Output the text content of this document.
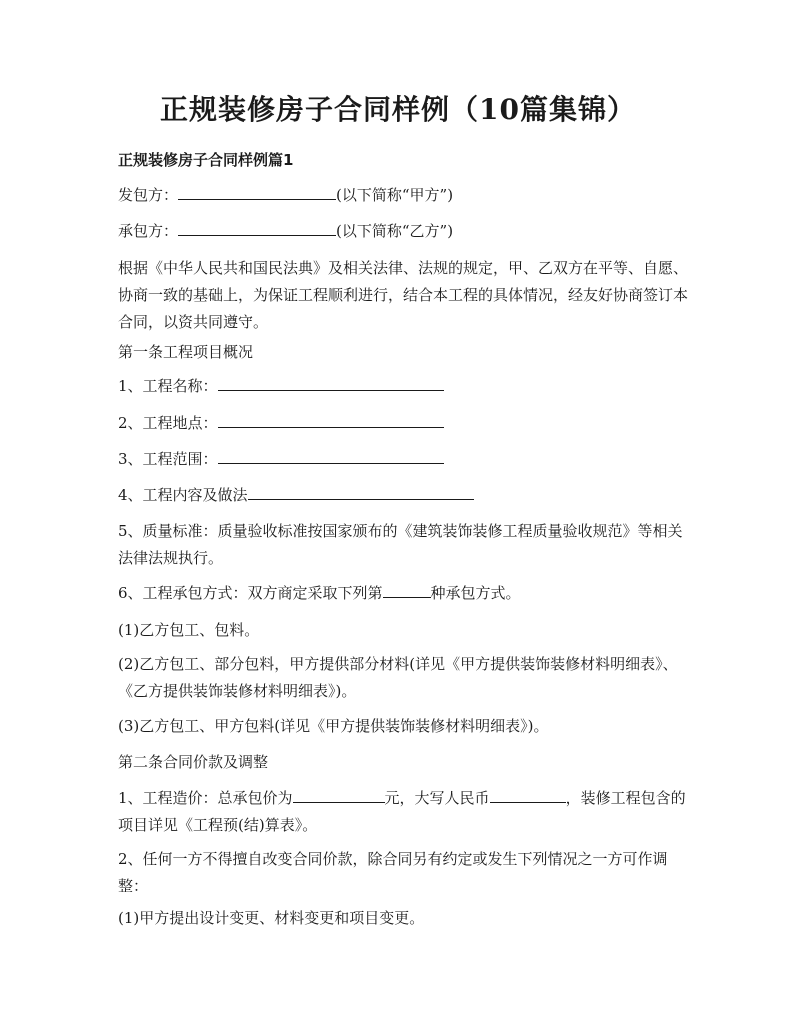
正规装修房子合同样例（10篇集锦）

正规装修房子合同样例篇1

发包方：	(以下简称“甲方”)

承包方：	(以下简称“乙方”)

根据《中华人民共和国民法典》及相关法律、法规的规定，甲、乙双方在平等、自愿、协商一致的基础上，为保证工程顺利进行，结合本工程的具体情况，经友好协商签订本合同，以资共同遵守。

第一条工程项目概况

1、工程名称：

2、工程地点：

3、工程范围：

4、工程内容及做法

5、质量标准：质量验收标准按国家颁布的《建筑装饰装修工程质量验收规范》等相关法律法规执行。

6、工程承包方式：双方商定采取下列第	种承包方式。

(1)乙方包工、包料。

(2)乙方包工、部分包料，甲方提供部分材料(详见《甲方提供装饰装修材料明细表》、《乙方提供装饰装修材料明细表》)。

(3)乙方包工、甲方包料(详见《甲方提供装饰装修材料明细表》)。

第二条合同价款及调整

1、工程造价：总承包价为	元，大写人民币	，装修工程包含的项目详见《工程预(结)算表》。

2、任何一方不得擅自改变合同价款，除合同另有约定或发生下列情况之一方可作调整：

(1)甲方提出设计变更、材料变更和项目变更。
